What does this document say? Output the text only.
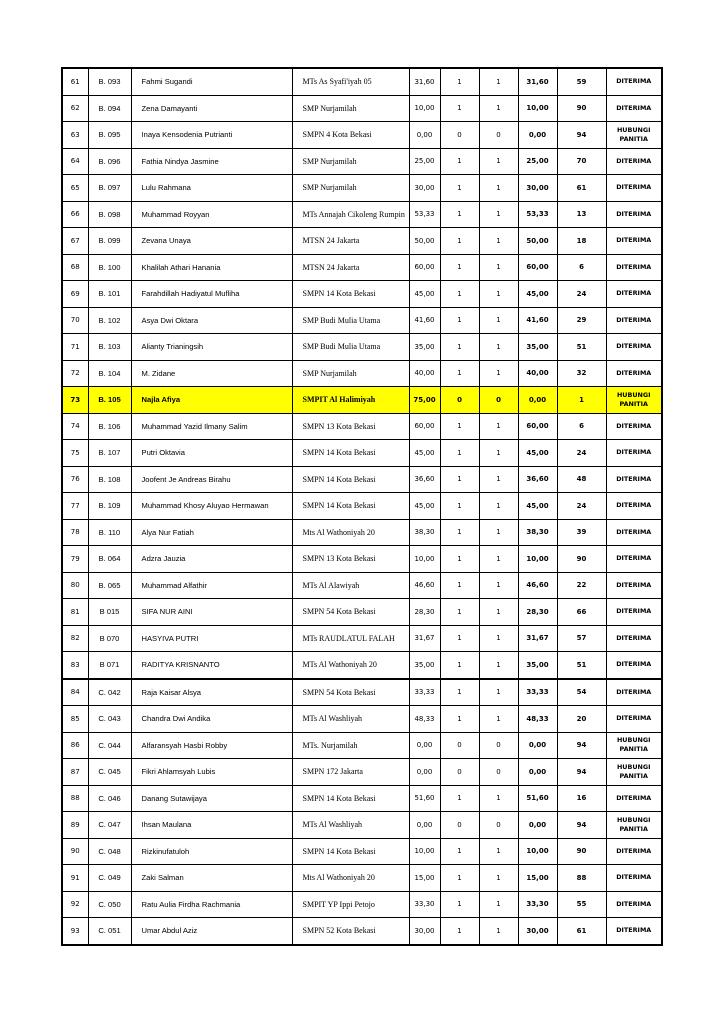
61	B. 093	Fahmi Sugandi	MTs As Syafi'iyah 05	31,60	1	1	31,60	59	DITERIMA
62	B. 094	Zena Damayanti	SMP Nurjamilah	10,00	1	1	10,00	90	DITERIMA
63	B. 095	Inaya Kensodenia Putrianti	SMPN 4 Kota Bekasi	0,00	0	0	0,00	94	HUBUNGI PANITIA
64	B. 096	Fathia Nindya Jasmine	SMP Nurjamilah	25,00	1	1	25,00	70	DITERIMA
65	B. 097	Lulu Rahmana	SMP Nurjamilah	30,00	1	1	30,00	61	DITERIMA
66	B. 098	Muhammad Royyan	MTs Annajah Cikoleng Rumpin	53,33	1	1	53,33	13	DITERIMA
67	B. 099	Zevana Unaya	MTSN 24 Jakarta	50,00	1	1	50,00	18	DITERIMA
68	B. 100	Khalilah Athari Hanania	MTSN 24 Jakarta	60,00	1	1	60,00	6	DITERIMA
69	B. 101	Farahdillah Hadiyatul Mufliha	SMPN 14 Kota Bekasi	45,00	1	1	45,00	24	DITERIMA
70	B. 102	Asya Dwi Oktara	SMP Budi Mulia Utama	41,60	1	1	41,60	29	DITERIMA
71	B. 103	Alianty Trianingsih	SMP Budi Mulia Utama	35,00	1	1	35,00	51	DITERIMA
72	B. 104	M. Zidane	SMP Nurjamilah	40,00	1	1	40,00	32	DITERIMA
73	B. 105	Najla Afiya	SMPIT Al Halimiyah	75,00	0	0	0,00	1	HUBUNGI PANITIA
74	B. 106	Muhammad Yazid Ilmany Salim	SMPN 13 Kota Bekasi	60,00	1	1	60,00	6	DITERIMA
75	B. 107	Putri Oktavia	SMPN 14 Kota Bekasi	45,00	1	1	45,00	24	DITERIMA
76	B. 108	Joofent Je Andreas Birahu	SMPN 14 Kota Bekasi	36,60	1	1	36,60	48	DITERIMA
77	B. 109	Muhammad Khosy Aluyao Hermawan	SMPN 14 Kota Bekasi	45,00	1	1	45,00	24	DITERIMA
78	B. 110	Alya Nur Fatiah	Mts Al Wathoniyah 20	38,30	1	1	38,30	39	DITERIMA
79	B. 064	Adzra Jauzia	SMPN 13 Kota Bekasi	10,00	1	1	10,00	90	DITERIMA
80	B. 065	Muhammad Alfathir	MTs Al Alawiyah	46,60	1	1	46,60	22	DITERIMA
81	B 015	SIFA NUR AINI	SMPN 54 Kota Bekasi	28,30	1	1	28,30	66	DITERIMA
82	B 070	HASYIVA PUTRI	MTs RAUDLATUL FALAH	31,67	1	1	31,67	57	DITERIMA
83	B 071	RADITYA KRISNANTO	MTs Al Wathoniyah 20	35,00	1	1	35,00	51	DITERIMA
84	C. 042	Raja Kaisar Alsya	SMPN 54 Kota Bekasi	33,33	1	1	33,33	54	DITERIMA
85	C. 043	Chandra Dwi Andika	MTs Al Washliyah	48,33	1	1	48,33	20	DITERIMA
86	C. 044	Alfaransyah Hasbi Robby	MTs. Nurjamilah	0,00	0	0	0,00	94	HUBUNGI PANITIA
87	C. 045	Fikri Ahlamsyah Lubis	SMPN 172 Jakarta	0,00	0	0	0,00	94	HUBUNGI PANITIA
88	C. 046	Danang Sutawijaya	SMPN 14 Kota Bekasi	51,60	1	1	51,60	16	DITERIMA
89	C. 047	Ihsan Maulana	MTs Al Washliyah	0,00	0	0	0,00	94	HUBUNGI PANITIA
90	C. 048	Rizkinufatuloh	SMPN 14 Kota Bekasi	10,00	1	1	10,00	90	DITERIMA
91	C. 049	Zaki Salman	Mts Al Wathoniyah 20	15,00	1	1	15,00	88	DITERIMA
92	C. 050	Ratu Aulia Firdha Rachmania	SMPIT YP Ippi Petojo	33,30	1	1	33,30	55	DITERIMA
93	C. 051	Umar Abdul Aziz	SMPN 52 Kota Bekasi	30,00	1	1	30,00	61	DITERIMA
